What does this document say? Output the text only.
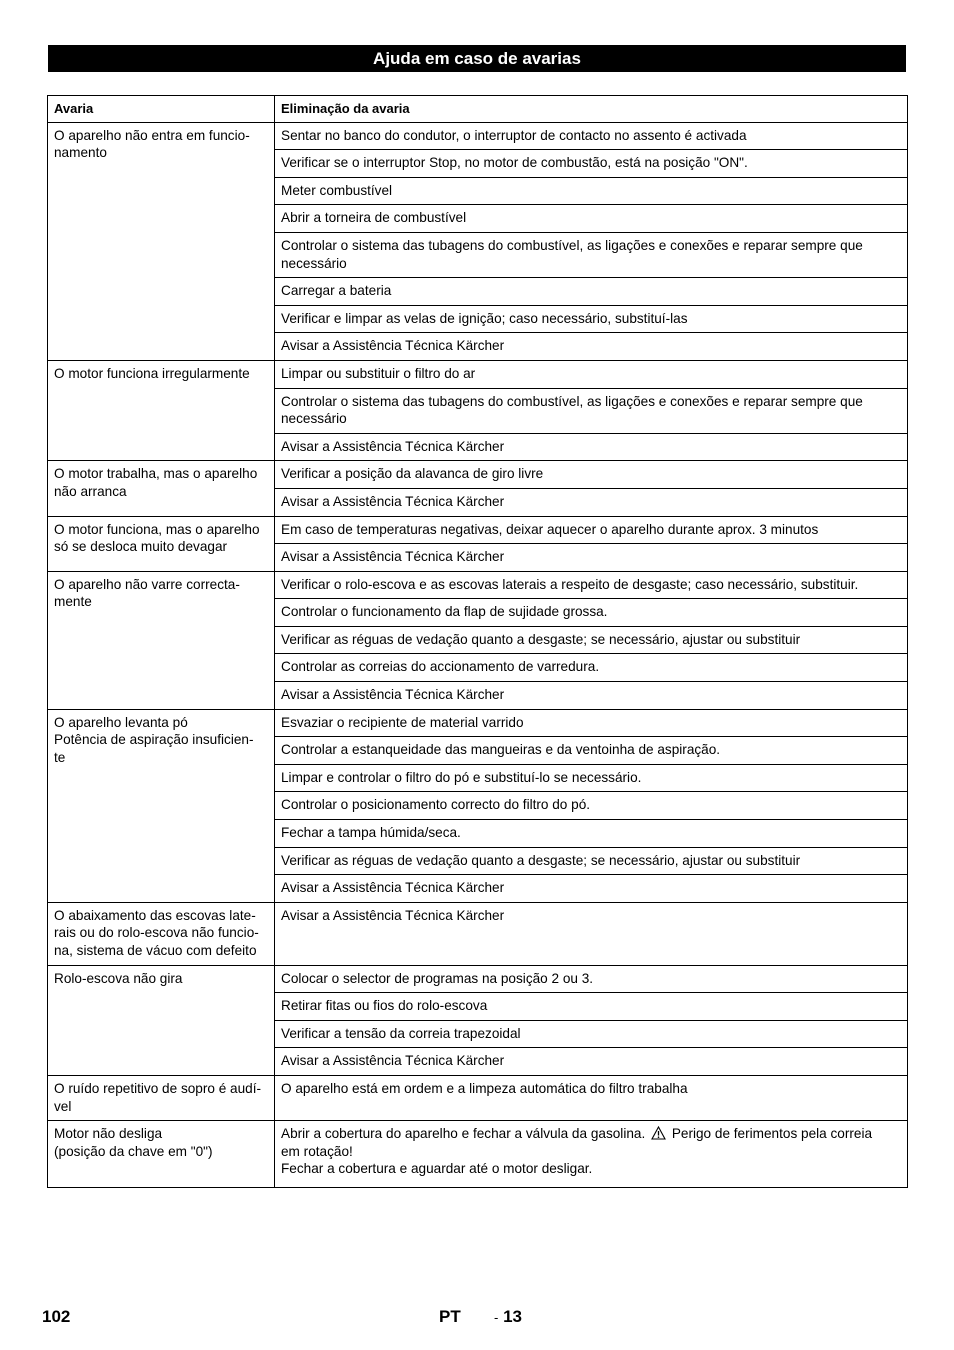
Ajuda em caso de avarias
Avaria	Eliminação da avaria

O aparelho não entra em funcio-
namento	Sentar no banco do condutor, o interruptor de contacto no assento é activada

	Verificar se o interruptor Stop, no motor de combustão, está na posição "ON".

	Meter combustível

	Abrir a torneira de combustível

	Controlar o sistema das tubagens do combustível, as ligações e conexões e reparar sempre que
necessário

	Carregar a bateria

	Verificar e limpar as velas de ignição; caso necessário, substituí-las

	Avisar a Assistência Técnica Kärcher

O motor funciona irregularmente	Limpar ou substituir o filtro do ar

	Controlar o sistema das tubagens do combustível, as ligações e conexões e reparar sempre que
necessário

	Avisar a Assistência Técnica Kärcher

O motor trabalha, mas o aparelho
não arranca	Verificar a posição da alavanca de giro livre

	Avisar a Assistência Técnica Kärcher

O motor funciona, mas o aparelho
só se desloca muito devagar	Em caso de temperaturas negativas, deixar aquecer o aparelho durante aprox. 3 minutos

	Avisar a Assistência Técnica Kärcher

O aparelho não varre correcta-
mente	Verificar o rolo-escova e as escovas laterais a respeito de desgaste; caso necessário, substituir.

	Controlar o funcionamento da flap de sujidade grossa.

	Verificar as réguas de vedação quanto a desgaste; se necessário, ajustar ou substituir

	Controlar as correias do accionamento de varredura.

	Avisar a Assistência Técnica Kärcher

O aparelho levanta pó
Potência de aspiração insuficien-
te	Esvaziar o recipiente de material varrido

	Controlar a estanqueidade das mangueiras e da ventoinha de aspiração.

	Limpar e controlar o filtro do pó e substituí-lo se necessário.

	Controlar o posicionamento correcto do filtro do pó.

	Fechar a tampa húmida/seca.

	Verificar as réguas de vedação quanto a desgaste; se necessário, ajustar ou substituir

	Avisar a Assistência Técnica Kärcher

O abaixamento das escovas late-
rais ou do rolo-escova não funcio-
na, sistema de vácuo com defeito	Avisar a Assistência Técnica Kärcher

Rolo-escova não gira	Colocar o selector de programas na posição 2 ou 3.

	Retirar fitas ou fios do rolo-escova

	Verificar a tensão da correia trapezoidal

	Avisar a Assistência Técnica Kärcher

O ruído repetitivo de sopro é audí-
vel	O aparelho está em ordem e a limpeza automática do filtro trabalha

Motor não desliga
(posição da chave em "0")	Abrir a cobertura do aparelho e fechar a válvula da gasolina. Perigo de ferimentos pela correia
em rotação!
Fechar a cobertura e aguardar até o motor desligar.
102	PT	- 13
